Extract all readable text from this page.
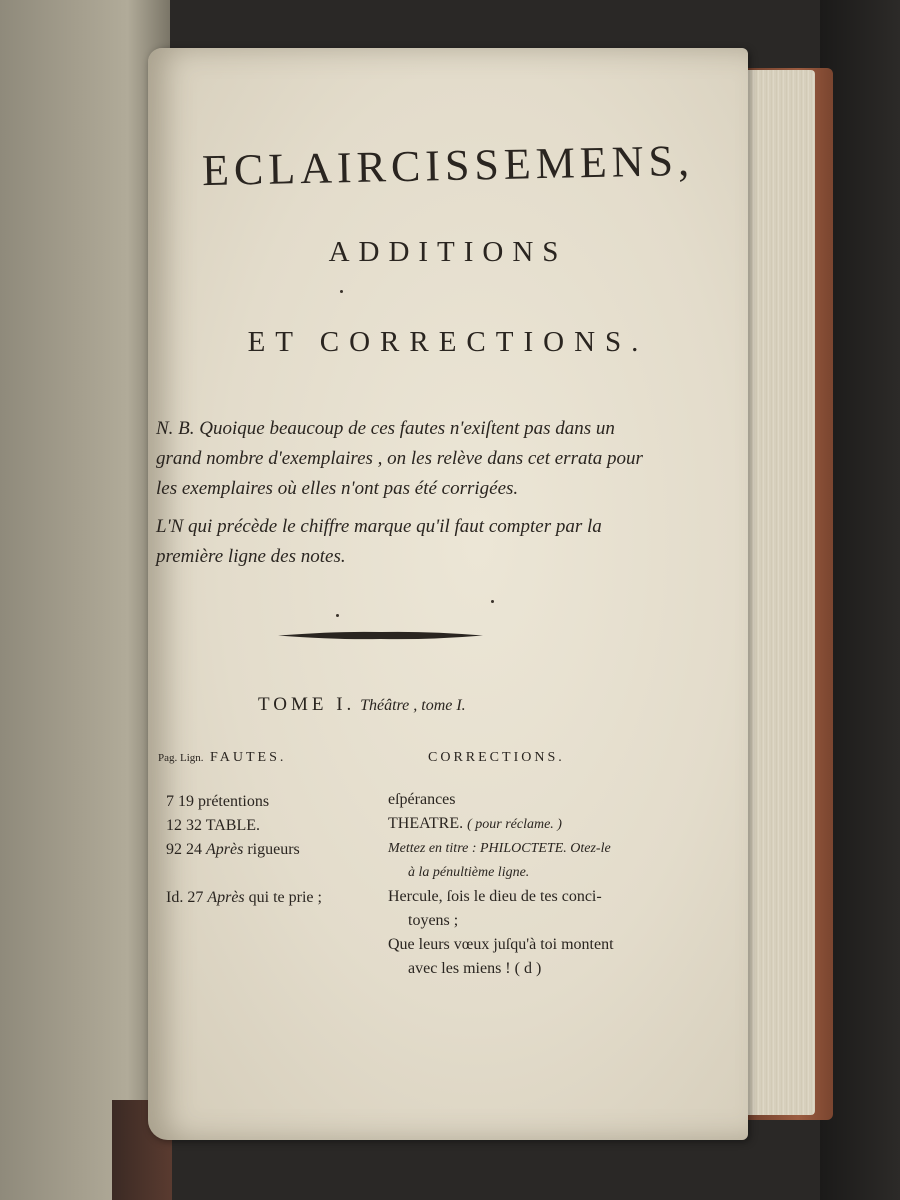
ECLAIRCISSEMENS,
ADDITIONS
ET CORRECTIONS.
N. B. Quoique beaucoup de ces fautes n'exiſtent pas dans un
grand nombre d'exemplaires , on les relève dans cet errata pour
les exemplaires où elles n'ont pas été corrigées.
L'N qui précède le chiffre marque qu'il faut compter par la
première ligne des notes.
TOME I. Théâtre , tome I.
Pag. Lign. FAUTES.	CORRECTIONS.
7 19 prétentions
12 32 TABLE.
92 24 Après rigueurs
Id. 27 Après qui te prie ;
eſpérances
THEATRE. ( pour réclame. )
Mettez en titre : PHILOCTETE. Otez-le
à la pénultième ligne.
Hercule, ſois le dieu de tes conci-
toyens ;
Que leurs vœux juſqu'à toi montent
avec les miens ! ( d )
